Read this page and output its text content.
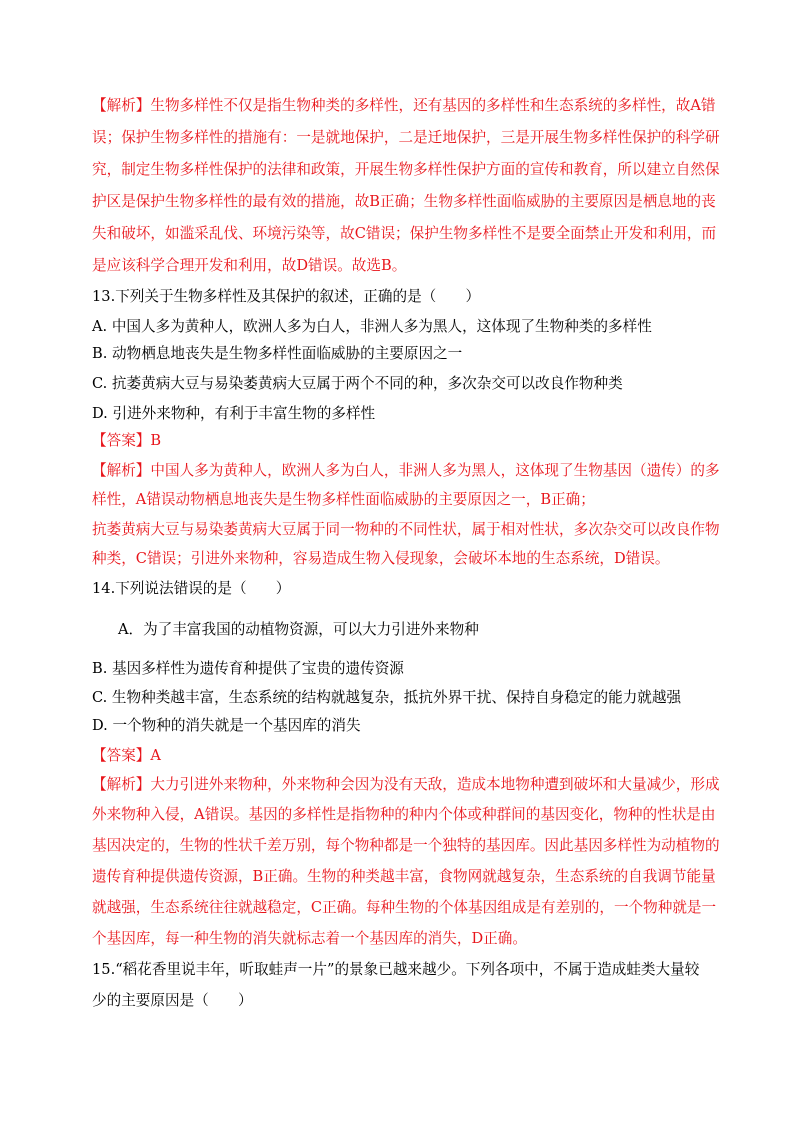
【解析】生物多样性不仅是指生物种类的多样性，还有基因的多样性和生态系统的多样性，故A错
误；保护生物多样性的措施有：一是就地保护，二是迁地保护，三是开展生物多样性保护的科学研
究，制定生物多样性保护的法律和政策，开展生物多样性保护方面的宣传和教育，所以建立自然保
护区是保护生物多样性的最有效的措施，故B正确；生物多样性面临威胁的主要原因是栖息地的丧
失和破坏，如滥采乱伐、环境污染等，故C错误；保护生物多样性不是要全面禁止开发和利用，而
是应该科学合理开发和利用，故D错误。故选B。
13.下列关于生物多样性及其保护的叙述，正确的是（　　）
A. 中国人多为黄种人，欧洲人多为白人，非洲人多为黑人，这体现了生物种类的多样性
B. 动物栖息地丧失是生物多样性面临威胁的主要原因之一
C. 抗萎黄病大豆与易染萎黄病大豆属于两个不同的种，多次杂交可以改良作物种类
D. 引进外来物种，有利于丰富生物的多样性
【答案】B
【解析】中国人多为黄种人，欧洲人多为白人，非洲人多为黑人，这体现了生物基因（遗传）的多
样性，A错误动物栖息地丧失是生物多样性面临威胁的主要原因之一，B正确；
抗萎黄病大豆与易染萎黄病大豆属于同一物种的不同性状，属于相对性状，多次杂交可以改良作物
种类，C错误；引进外来物种，容易造成生物入侵现象，会破坏本地的生态系统，D错误。
14.下列说法错误的是（　　）
A．为了丰富我国的动植物资源，可以大力引进外来物种
B. 基因多样性为遗传育种提供了宝贵的遗传资源
C. 生物种类越丰富，生态系统的结构就越复杂，抵抗外界干扰、保持自身稳定的能力就越强
D. 一个物种的消失就是一个基因库的消失
【答案】A
【解析】大力引进外来物种，外来物种会因为没有天敌，造成本地物种遭到破坏和大量减少，形成
外来物种入侵，A错误。基因的多样性是指物种的种内个体或种群间的基因变化，物种的性状是由
基因决定的，生物的性状千差万别，每个物种都是一个独特的基因库。因此基因多样性为动植物的
遗传育种提供遗传资源，B正确。生物的种类越丰富，食物网就越复杂，生态系统的自我调节能量
就越强，生态系统往往就越稳定，C正确。每种生物的个体基因组成是有差别的，一个物种就是一
个基因库，每一种生物的消失就标志着一个基因库的消失，D正确。
15.“稻花香里说丰年，听取蛙声一片”的景象已越来越少。下列各项中，不属于造成蛙类大量较
少的主要原因是（　　）
